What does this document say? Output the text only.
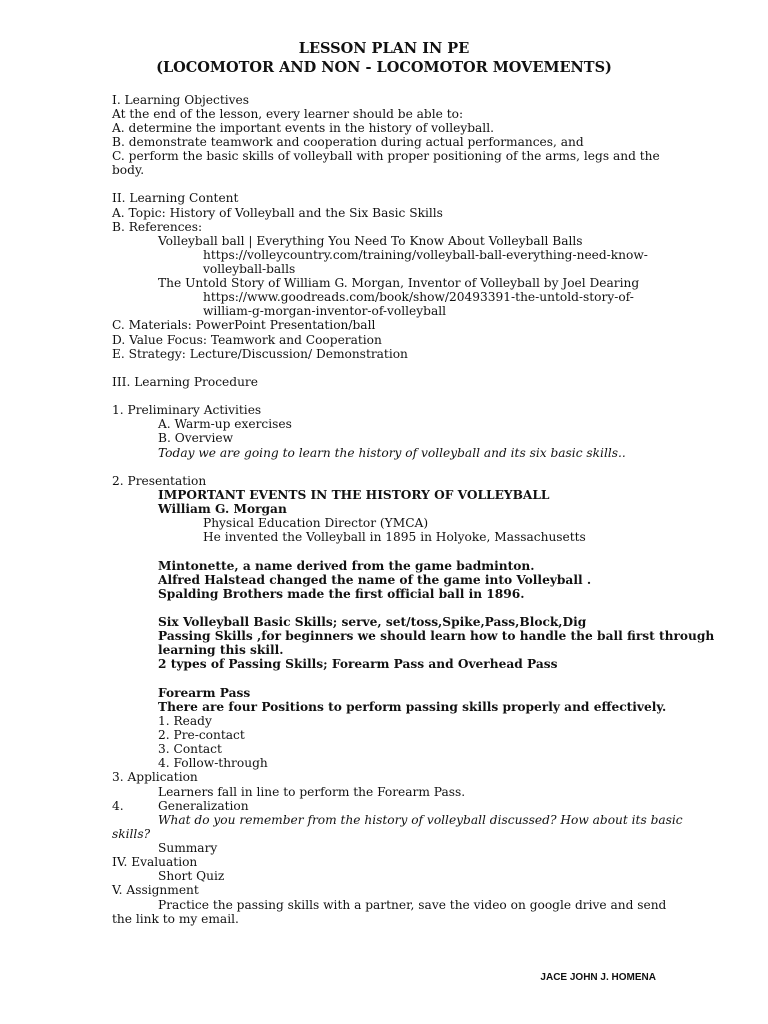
LESSON PLAN IN PE
(LOCOMOTOR AND NON - LOCOMOTOR MOVEMENTS)
I. Learning Objectives
At the end of the lesson, every learner should be able to:
A. determine the important events in the history of volleyball.
B. demonstrate teamwork and cooperation during actual performances, and
C. perform the basic skills of volleyball with proper positioning of the arms, legs and the
body.
II. Learning Content
A. Topic: History of Volleyball and the Six Basic Skills
B. References:
Volleyball ball | Everything You Need To Know About Volleyball Balls
https://volleycountry.com/training/volleyball-ball-everything-need-know-
volleyball-balls
The Untold Story of William G. Morgan, Inventor of Volleyball by Joel Dearing
https://www.goodreads.com/book/show/20493391-the-untold-story-of-
william-g-morgan-inventor-of-volleyball
C. Materials: PowerPoint Presentation/ball
D. Value Focus: Teamwork and Cooperation
E. Strategy: Lecture/Discussion/ Demonstration
III. Learning Procedure
1. Preliminary Activities
A. Warm-up exercises
B. Overview
Today we are going to learn the history of volleyball and its six basic skills..
2. Presentation
IMPORTANT EVENTS IN THE HISTORY OF VOLLEYBALL
William G. Morgan
Physical Education Director (YMCA)
He invented the Volleyball in 1895 in Holyoke, Massachusetts
Mintonette, a name derived from the game badminton.
Alfred Halstead changed the name of the game into Volleyball .
Spalding Brothers made the first official ball in 1896.
Six Volleyball Basic Skills; serve, set/toss,Spike,Pass,Block,Dig
Passing Skills ,for beginners we should learn how to handle the ball first through
learning this skill.
2 types of Passing Skills; Forearm Pass and Overhead Pass
Forearm Pass
There are four Positions to perform passing skills properly and effectively.
1. Ready
2. Pre-contact
3. Contact
4. Follow-through
3. Application
Learners fall in line to perform the Forearm Pass.
4.	Generalization
What do you remember from the history of volleyball discussed? How about its basic
skills?
Summary
IV. Evaluation
Short Quiz
V. Assignment
Practice the passing skills with a partner, save the video on google drive and send
the link to my email.
JACE JOHN J. HOMENA
